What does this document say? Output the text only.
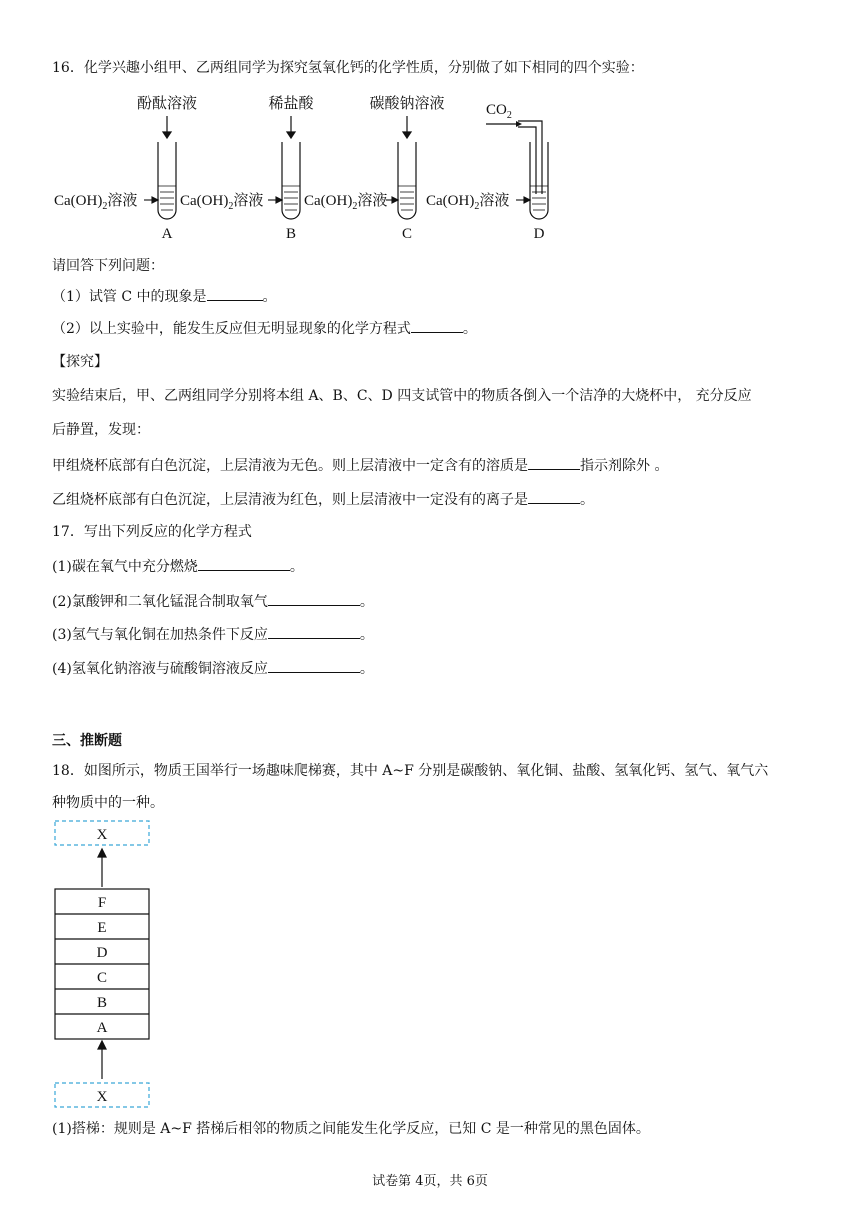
16．化学兴趣小组甲、乙两组同学为探究氢氧化钙的化学性质，分别做了如下相同的四个实验：
酚酞溶液	稀盐酸	碳酸钠溶液	$CO_2$
$Ca(OH)_2$溶液	$Ca(OH)_2$溶液	$Ca(OH)_2$溶液	$Ca(OH)_2$溶液
A	B	C	D
请回答下列问题：
（1）试管 C 中的现象是	。
（2）以上实验中，能发生反应但无明显现象的化学方程式	。
【探究】
实验结束后，甲、乙两组同学分别将本组 A、B、C、D 四支试管中的物质各倒入一个洁净的大烧杯中， 充分反应
后静置，发现：
甲组烧杯底部有白色沉淀，上层清液为无色。则上层清液中一定含有的溶质是	指示剂除外 。
乙组烧杯底部有白色沉淀，上层清液为红色，则上层清液中一定没有的离子是	。
17．写出下列反应的化学方程式
(1)碳在氧气中充分燃烧	。
(2)氯酸钾和二氧化锰混合制取氧气	。
(3)氢气与氧化铜在加热条件下反应	。
(4)氢氧化钠溶液与硫酸铜溶液反应	。
三、推断题
18．如图所示，物质王国举行一场趣味爬梯赛，其中 A~F 分别是碳酸钠、氧化铜、盐酸、氢氧化钙、氢气、氧气六
种物质中的一种。
X
F
E
D
C
B
A
X
(1)搭梯：规则是 A~F 搭梯后相邻的物质之间能发生化学反应，已知 C 是一种常见的黑色固体。
试卷第 4页，共 6页
